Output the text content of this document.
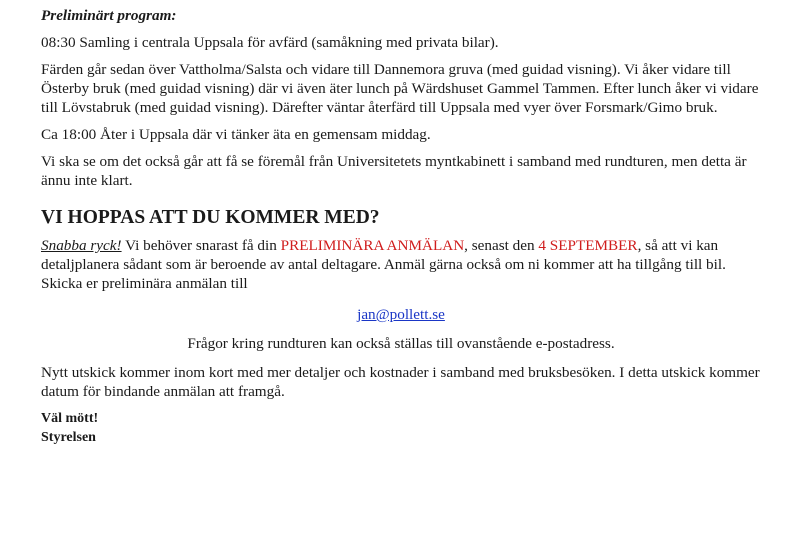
Preliminärt program:

08:30 Samling i centrala Uppsala för avfärd (samåkning med privata bilar).

Färden går sedan över Vattholma/Salsta och vidare till Dannemora gruva (med guidad visning). Vi åker vidare till Österby bruk (med guidad visning) där vi även äter lunch på Wärdshuset Gammel Tammen. Efter lunch åker vi vidare till Lövstabruk (med guidad visning). Därefter väntar återfärd till Uppsala med vyer över Forsmark/Gimo bruk.

Ca 18:00 Åter i Uppsala där vi tänker äta en gemensam middag.

Vi ska se om det också går att få se föremål från Universitetets myntkabinett i samband med rundturen, men detta är ännu inte klart.

VI HOPPAS ATT DU KOMMER MED?

Snabba ryck! Vi behöver snarast få din PRELIMINÄRA ANMÄLAN, senast den 4 SEPTEMBER, så att vi kan detaljplanera sådant som är beroende av antal deltagare. Anmäl gärna också om ni kommer att ha tillgång till bil. Skicka er preliminära anmälan till

jan@pollett.se

Frågor kring rundturen kan också ställas till ovanstående e-postadress.

Nytt utskick kommer inom kort med mer detaljer och kostnader i samband med bruksbesöken. I detta utskick kommer datum för bindande anmälan att framgå.

Väl mött!
Styrelsen
